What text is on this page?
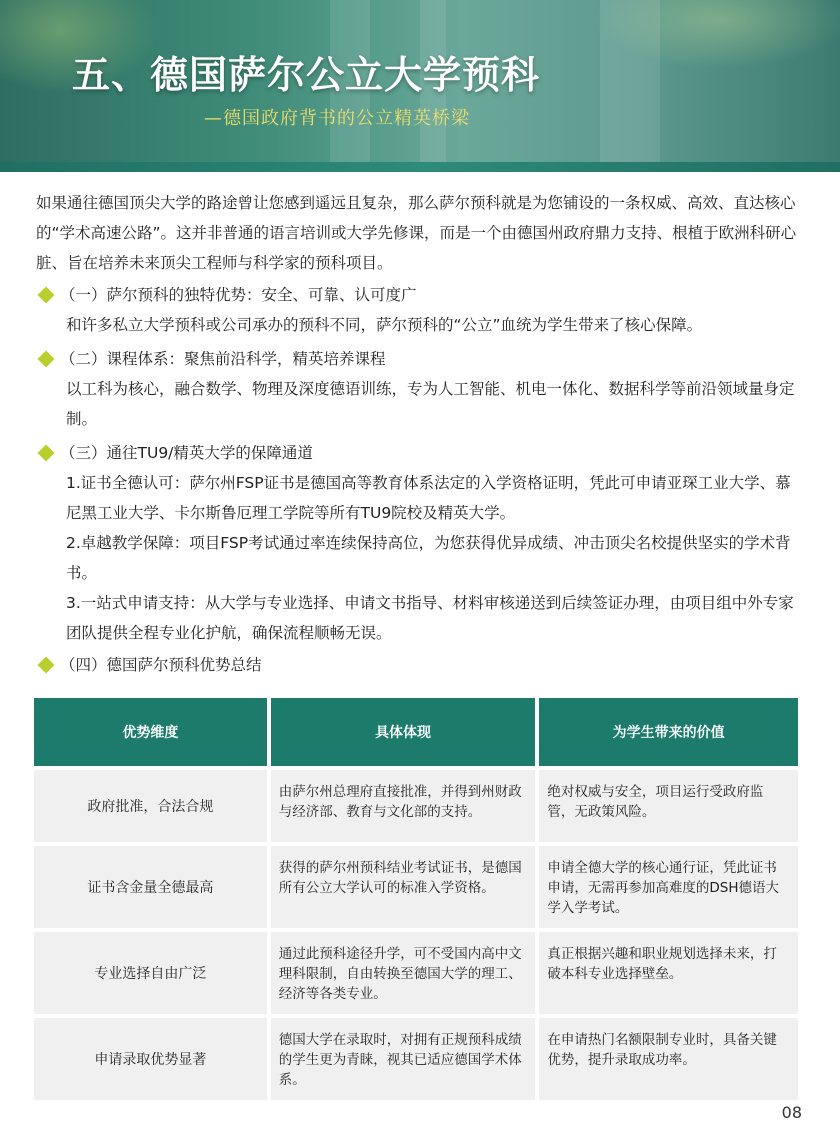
五、德国萨尔公立大学预科
—德国政府背书的公立精英桥梁

如果通往德国顶尖大学的路途曾让您感到遥远且复杂，那么萨尔预科就是为您铺设的一条权威、高效、直达核心的“学术高速公路”。这并非普通的语言培训或大学先修课，而是一个由德国州政府鼎力支持、根植于欧洲科研心脏、旨在培养未来顶尖工程师与科学家的预科项目。

（一）萨尔预科的独特优势：安全、可靠、认可度广

和许多私立大学预科或公司承办的预科不同，萨尔预科的“公立”血统为学生带来了核心保障。

（二）课程体系：聚焦前沿科学，精英培养课程

以工科为核心，融合数学、物理及深度德语训练，专为人工智能、机电一体化、数据科学等前沿领域量身定制。

（三）通往TU9/精英大学的保障通道

1.证书全德认可：萨尔州FSP证书是德国高等教育体系法定的入学资格证明，凭此可申请亚琛工业大学、慕尼黑工业大学、卡尔斯鲁厄理工学院等所有TU9院校及精英大学。

2.卓越教学保障：项目FSP考试通过率连续保持高位，为您获得优异成绩、冲击顶尖名校提供坚实的学术背书。

3.一站式申请支持：从大学与专业选择、申请文书指导、材料审核递送到后续签证办理，由项目组中外专家团队提供全程专业化护航，确保流程顺畅无误。

（四）德国萨尔预科优势总结
优势维度	具体体现	为学生带来的价值
政府批准，合法合规	由萨尔州总理府直接批准，并得到州财政与经济部、教育与文化部的支持。	绝对权威与安全，项目运行受政府监管，无政策风险。
证书含金量全德最高	获得的萨尔州预科结业考试证书，是德国所有公立大学认可的标准入学资格。	申请全德大学的核心通行证，凭此证书申请，无需再参加高难度的DSH德语大学入学考试。
专业选择自由广泛	通过此预科途径升学，可不受国内高中文理科限制，自由转换至德国大学的理工、经济等各类专业。	真正根据兴趣和职业规划选择未来，打破本科专业选择壁垒。
申请录取优势显著	德国大学在录取时，对拥有正规预科成绩的学生更为青睐，视其已适应德国学术体系。	在申请热门名额限制专业时，具备关键优势，提升录取成功率。
08
